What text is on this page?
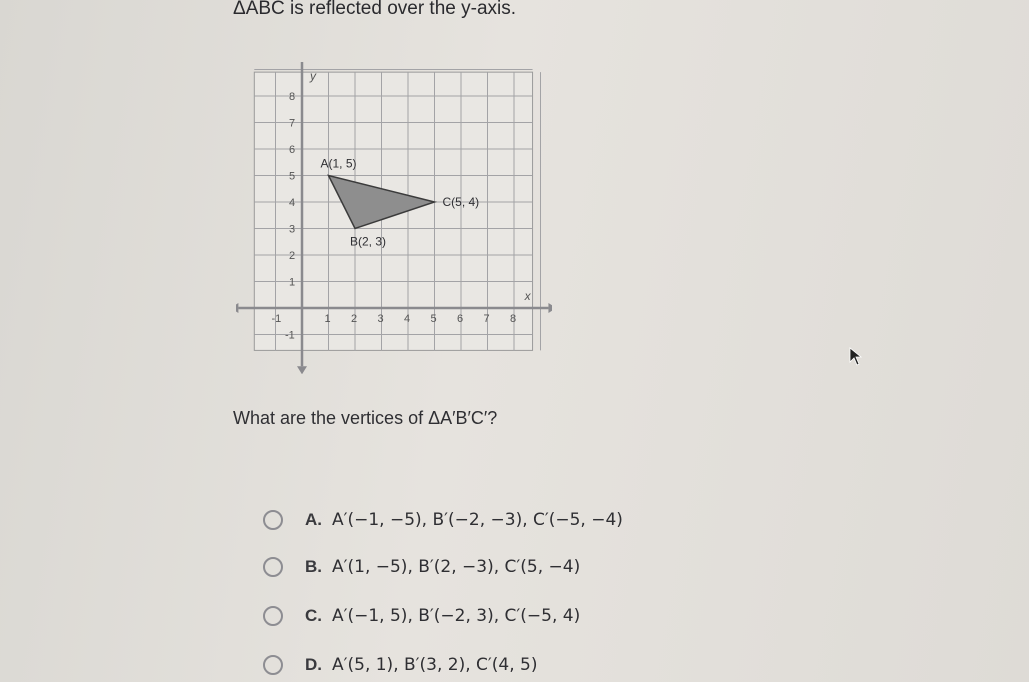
ΔABC is reflected over the y-axis.
y
x
-1	1 2 3 4 5 6 7 8
8
7
6
5
4
3
2
1
-1
A(1, 5)
B(2, 3)
C(5, 4)
What are the vertices of ΔA′B′C′?
A. A′(−1, −5), B′(−2, −3), C′(−5, −4)
B. A′(1, −5), B′(2, −3), C′(5, −4)
C. A′(−1, 5), B′(−2, 3), C′(−5, 4)
D. A′(5, 1), B′(3, 2), C′(4, 5)
